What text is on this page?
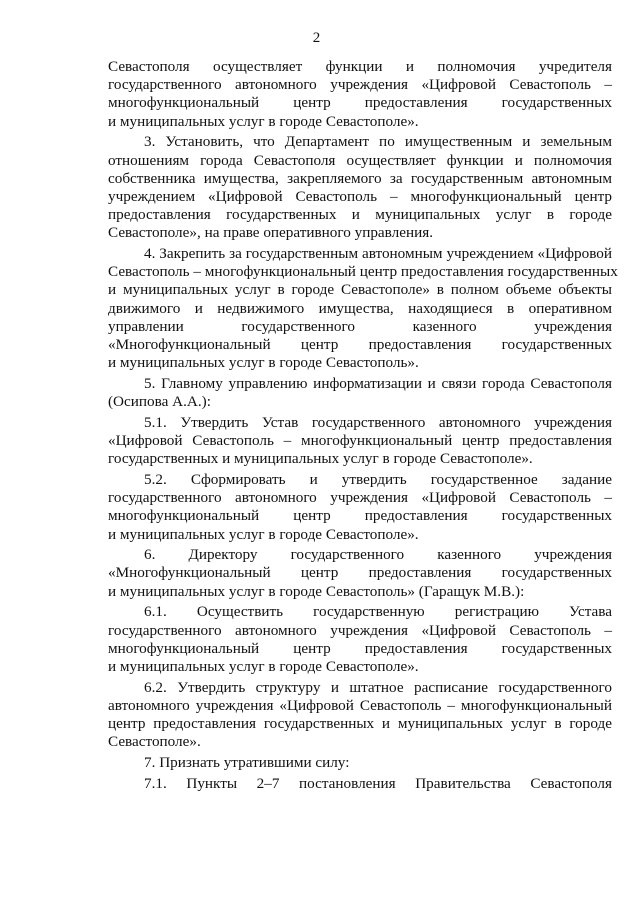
2
Севастополя осуществляет функции и полномочия учредителя
государственного автономного учреждения «Цифровой Севастополь –
многофункциональный центр предоставления государственных
и муниципальных услуг в городе Севастополе».
3. Установить, что Департамент по имущественным и земельным
отношениям города Севастополя осуществляет функции и полномочия
собственника имущества, закрепляемого за государственным автономным
учреждением «Цифровой Севастополь – многофункциональный центр
предоставления государственных и муниципальных услуг в городе
Севастополе», на праве оперативного управления.
4. Закрепить за государственным автономным учреждением «Цифровой
Севастополь – многофункциональный центр предоставления государственных
и муниципальных услуг в городе Севастополе» в полном объеме объекты
движимого и недвижимого имущества, находящиеся в оперативном
управлении государственного казенного учреждения
«Многофункциональный центр предоставления государственных
и муниципальных услуг в городе Севастополь».
5. Главному управлению информатизации и связи города Севастополя
(Осипова А.А.):
5.1. Утвердить Устав государственного автономного учреждения
«Цифровой Севастополь – многофункциональный центр предоставления
государственных и муниципальных услуг в городе Севастополе».
5.2. Сформировать и утвердить государственное задание
государственного автономного учреждения «Цифровой Севастополь –
многофункциональный центр предоставления государственных
и муниципальных услуг в городе Севастополе».
6. Директору государственного казенного учреждения
«Многофункциональный центр предоставления государственных
и муниципальных услуг в городе Севастополь» (Гаращук М.В.):
6.1. Осуществить государственную регистрацию Устава
государственного автономного учреждения «Цифровой Севастополь –
многофункциональный центр предоставления государственных
и муниципальных услуг в городе Севастополе».
6.2. Утвердить структуру и штатное расписание государственного
автономного учреждения «Цифровой Севастополь – многофункциональный
центр предоставления государственных и муниципальных услуг в городе
Севастополе».
7. Признать утратившими силу:
7.1. Пункты 2–7 постановления Правительства Севастополя
